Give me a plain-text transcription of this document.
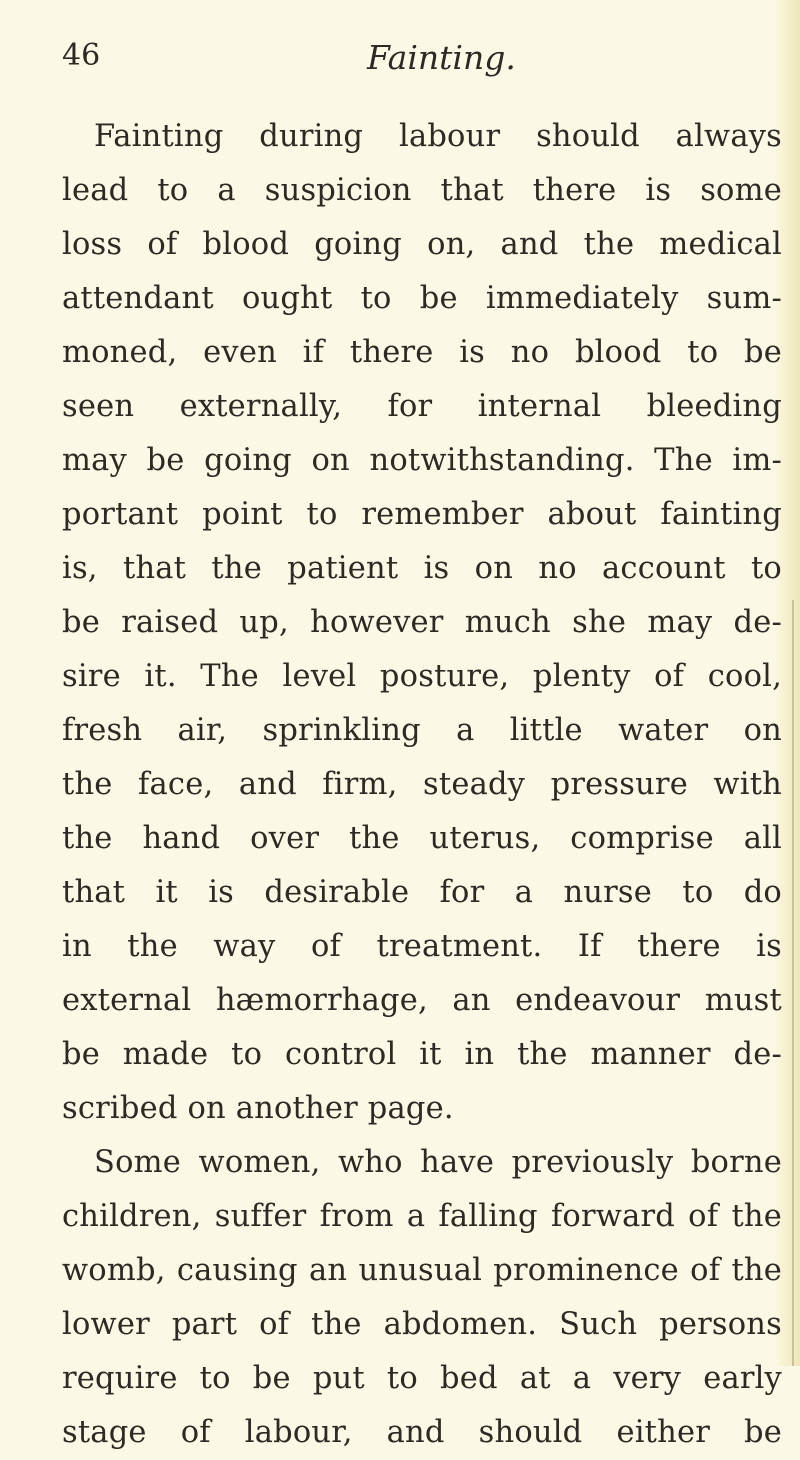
46	Fainting.
Fainting during labour should always
lead to a suspicion that there is some
loss of blood going on, and the medical
attendant ought to be immediately sum-
moned, even if there is no blood to be
seen externally, for internal bleeding
may be going on notwithstanding. The im-
portant point to remember about fainting
is, that the patient is on no account to
be raised up, however much she may de-
sire it. The level posture, plenty of cool,
fresh air, sprinkling a little water on
the face, and firm, steady pressure with
the hand over the uterus, comprise all
that it is desirable for a nurse to do
in the way of treatment. If there is
external hæmorrhage, an endeavour must
be made to control it in the manner de-
scribed on another page.
Some women, who have previously borne
children, suffer from a falling forward of the
womb, causing an unusual prominence of the
lower part of the abdomen. Such persons
require to be put to bed at a very early
stage of labour, and should either be
